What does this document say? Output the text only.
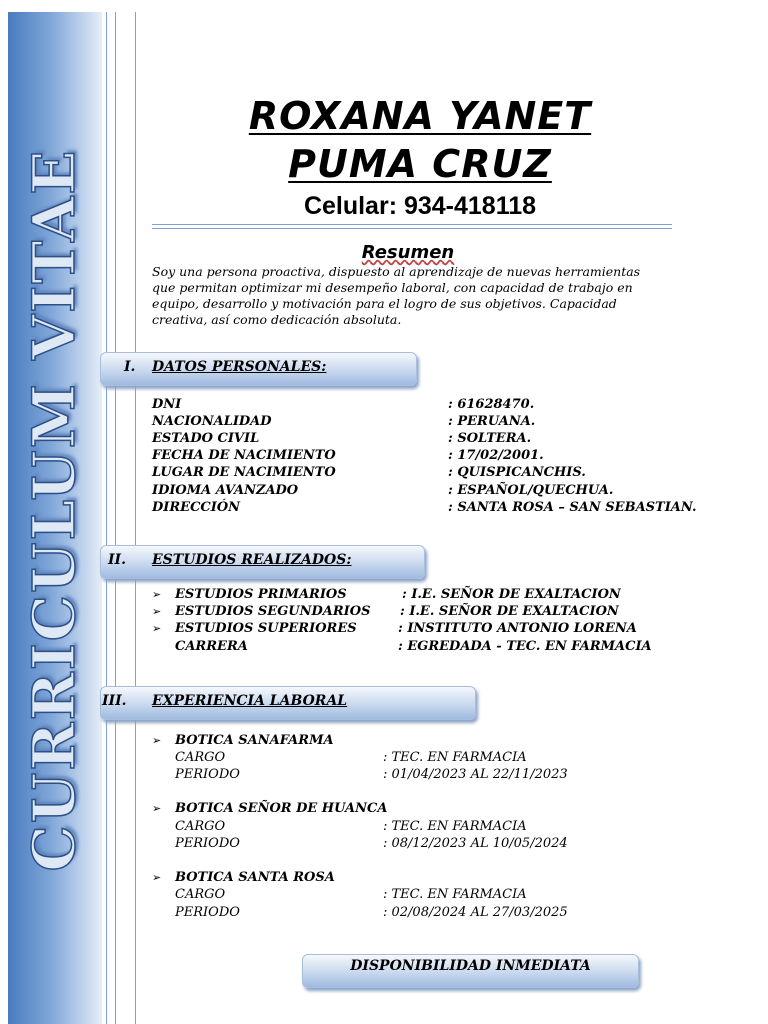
CURRICULUM VITAE
ROXANA YANET
PUMA CRUZ
Celular: 934-418118
Resumen
Soy una persona proactiva, dispuesto al aprendizaje de nuevas herramientas
que permitan optimizar mi desempeño laboral, con capacidad de trabajo en
equipo, desarrollo y motivación para el logro de sus objetivos. Capacidad
creativa, así como dedicación absoluta.
I. DATOS PERSONALES:
DNI	: 61628470.
NACIONALIDAD	: PERUANA.
ESTADO CIVIL	: SOLTERA.
FECHA DE NACIMIENTO	: 17/02/2001.
LUGAR DE NACIMIENTO	: QUISPICANCHIS.
IDIOMA AVANZADO	: ESPAÑOL/QUECHUA.
DIRECCIÓN	: SANTA ROSA – SAN SEBASTIAN.
II. ESTUDIOS REALIZADOS:
➢ ESTUDIOS PRIMARIOS	: I.E. SEÑOR DE EXALTACION
➢ ESTUDIOS SEGUNDARIOS : I.E. SEÑOR DE EXALTACION
➢ ESTUDIOS SUPERIORES	: INSTITUTO ANTONIO LORENA
CARRERA	: EGREDADA - TEC. EN FARMACIA
III. EXPERIENCIA LABORAL
➢ BOTICA SANAFARMA
CARGO	: TEC. EN FARMACIA
PERIODO	: 01/04/2023 AL 22/11/2023
➢ BOTICA SEÑOR DE HUANCA
CARGO	: TEC. EN FARMACIA
PERIODO	: 08/12/2023 AL 10/05/2024
➢ BOTICA SANTA ROSA
CARGO	: TEC. EN FARMACIA
PERIODO	: 02/08/2024 AL 27/03/2025
DISPONIBILIDAD INMEDIATA
